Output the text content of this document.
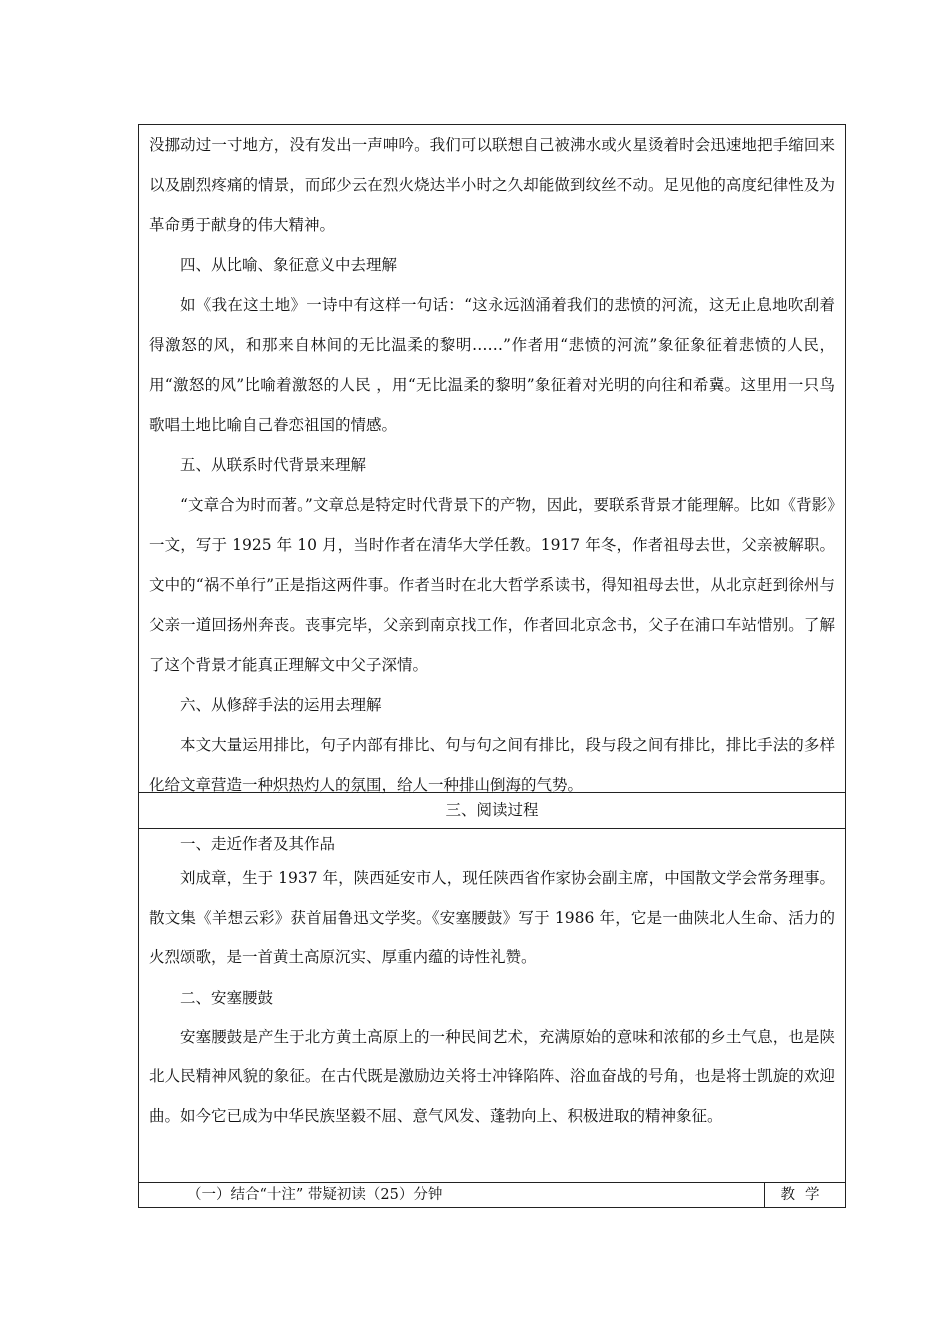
没挪动过一寸地方，没有发出一声呻吟。我们可以联想自己被沸水或火星烫着时会迅速地把手缩回来以及剧烈疼痛的情景，而邱少云在烈火烧达半小时之久却能做到纹丝不动。足见他的高度纪律性及为革命勇于献身的伟大精神。

四、从比喻、象征意义中去理解

如《我在这土地》一诗中有这样一句话：“这永远汹涌着我们的悲愤的河流，这无止息地吹刮着得激怒的风，和那来自林间的无比温柔的黎明……”作者用“悲愤的河流”象征象征着悲愤的人民，用“激怒的风”比喻着激怒的人民 ，用“无比温柔的黎明”象征着对光明的向往和希冀。这里用一只鸟歌唱土地比喻自己眷恋祖国的情感。

五、从联系时代背景来理解

“文章合为时而著。”文章总是特定时代背景下的产物，因此，要联系背景才能理解。比如《背影》一文，写于 1925 年 10 月，当时作者在清华大学任教。1917 年冬，作者祖母去世，父亲被解职。文中的“祸不单行”正是指这两件事。作者当时在北大哲学系读书，得知祖母去世，从北京赶到徐州与父亲一道回扬州奔丧。丧事完毕，父亲到南京找工作，作者回北京念书，父子在浦口车站惜别。了解了这个背景才能真正理解文中父子深情。

六、从修辞手法的运用去理解

本文大量运用排比，句子内部有排比、句与句之间有排比，段与段之间有排比，排比手法的多样化给文章营造一种炽热灼人的氛围，给人一种排山倒海的气势。

三、阅读过程

一、走近作者及其作品

刘成章，生于 1937 年，陕西延安市人，现任陕西省作家协会副主席，中国散文学会常务理事。散文集《羊想云彩》获首届鲁迅文学奖。《安塞腰鼓》写于 1986 年，它是一曲陕北人生命、活力的火烈颂歌，是一首黄土高原沉实、厚重内蕴的诗性礼赞。

二、安塞腰鼓

安塞腰鼓是产生于北方黄土高原上的一种民间艺术，充满原始的意味和浓郁的乡土气息，也是陕北人民精神风貌的象征。在古代既是激励边关将士冲锋陷阵、浴血奋战的号角，也是将士凯旋的欢迎曲。如今它已成为中华民族坚毅不屈、意气风发、蓬勃向上、积极进取的精神象征。

（一）结合“十注” 带疑初读（25）分钟	教学
